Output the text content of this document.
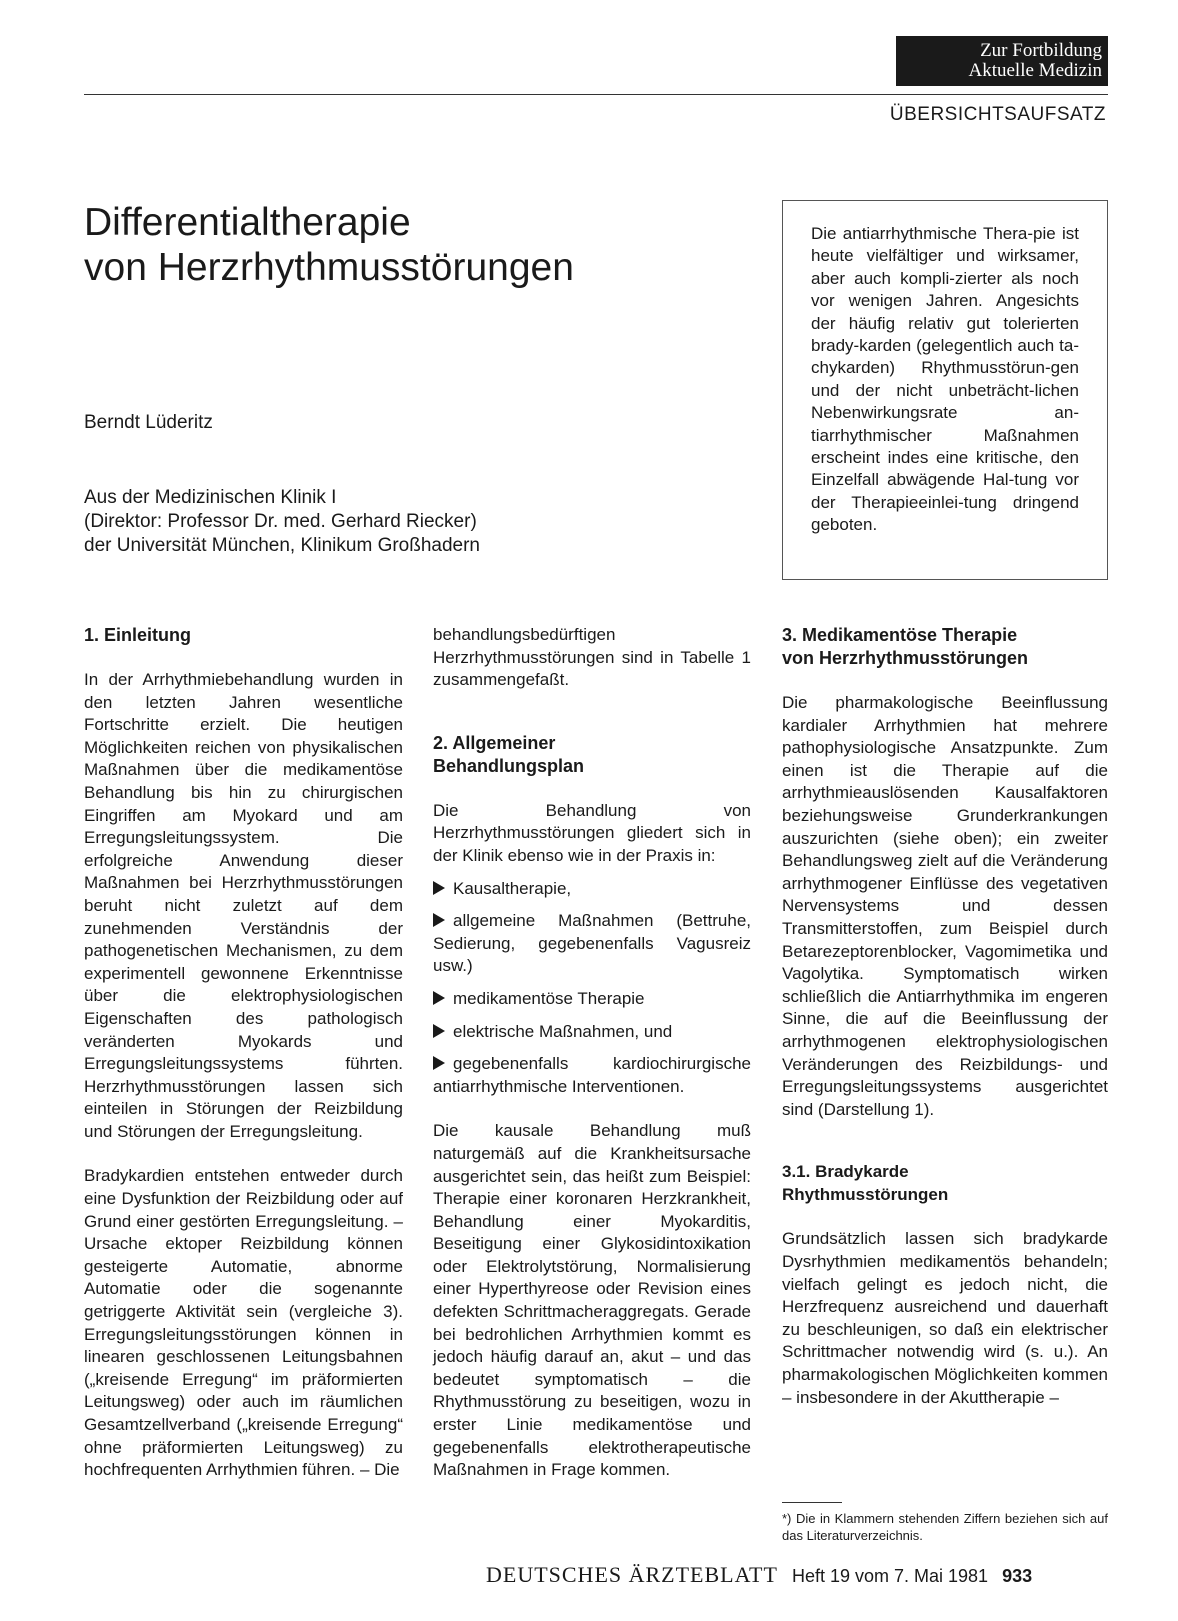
Zur Fortbildung
Aktuelle Medizin
ÜBERSICHTSAUFSATZ
Differentialtherapie
von Herzrhythmusstörungen
Berndt Lüderitz
Aus der Medizinischen Klinik I
(Direktor: Professor Dr. med. Gerhard Riecker)
der Universität München, Klinikum Großhadern
Die antiarrhythmische Thera-pie ist heute vielfältiger und wirksamer, aber auch kompli-zierter als noch vor wenigen Jahren. Angesichts der häufig relativ gut tolerierten brady-karden (gelegentlich auch ta-chykarden) Rhythmusstörun-gen und der nicht unbeträcht-lichen Nebenwirkungsrate an-tiarrhythmischer Maßnahmen erscheint indes eine kritische, den Einzelfall abwägende Hal-tung vor der Therapieeinlei-tung dringend geboten.
1. Einleitung

In der Arrhythmiebehandlung wurden in den letzten Jahren wesentliche Fortschritte erzielt. Die heutigen Möglichkeiten reichen von physikalischen Maßnahmen über die medikamentöse Behandlung bis hin zu chirurgischen Eingriffen am Myokard und am Erregungsleitungssystem. Die erfolgreiche Anwendung dieser Maßnahmen bei Herzrhythmusstörungen beruht nicht zuletzt auf dem zunehmenden Verständnis der pathogenetischen Mechanismen, zu dem experimentell gewonnene Erkenntnisse über die elektrophysiologischen Eigenschaften des pathologisch veränderten Myokards und Erregungsleitungssystems führten. Herzrhythmusstörungen lassen sich einteilen in Störungen der Reizbildung und Störungen der Erregungsleitung.

Bradykardien entstehen entweder durch eine Dysfunktion der Reizbildung oder auf Grund einer gestörten Erregungsleitung. – Ursache ektoper Reizbildung können gesteigerte Automatie, abnorme Automatie oder die sogenannte getriggerte Aktivität sein (vergleiche 3). Erregungsleitungsstörungen können in linearen geschlossenen Leitungsbahnen („kreisende Erregung“ im präformierten Leitungsweg) oder auch im räumlichen Gesamtzellverband („kreisende Erregung“ ohne präformierten Leitungsweg) zu hochfrequenten Arrhythmien führen. – Die

behandlungsbedürftigen Herzrhythmusstörungen sind in Tabelle 1 zusammengefaßt.

2. Allgemeiner
Behandlungsplan

Die Behandlung von Herzrhythmusstörungen gliedert sich in der Klinik ebenso wie in der Praxis in:

Kausaltherapie,
allgemeine Maßnahmen (Bettruhe, Sedierung, gegebenenfalls Vagusreiz usw.)
medikamentöse Therapie
elektrische Maßnahmen, und
gegebenenfalls kardiochirurgische antiarrhythmische Interventionen.

Die kausale Behandlung muß naturgemäß auf die Krankheitsursache ausgerichtet sein, das heißt zum Beispiel: Therapie einer koronaren Herzkrankheit, Behandlung einer Myokarditis, Beseitigung einer Glykosidintoxikation oder Elektrolytstörung, Normalisierung einer Hyperthyreose oder Revision eines defekten Schrittmacheraggregats. Gerade bei bedrohlichen Arrhythmien kommt es jedoch häufig darauf an, akut – und das bedeutet symptomatisch – die Rhythmusstörung zu beseitigen, wozu in erster Linie medikamentöse und gegebenenfalls elektrotherapeutische Maßnahmen in Frage kommen.

3. Medikamentöse Therapie
von Herzrhythmusstörungen

Die pharmakologische Beeinflussung kardialer Arrhythmien hat mehrere pathophysiologische Ansatzpunkte. Zum einen ist die Therapie auf die arrhythmieauslösenden Kausalfaktoren beziehungsweise Grunderkrankungen auszurichten (siehe oben); ein zweiter Behandlungsweg zielt auf die Veränderung arrhythmogener Einflüsse des vegetativen Nervensystems und dessen Transmitterstoffen, zum Beispiel durch Betarezeptorenblocker, Vagomimetika und Vagolytika. Symptomatisch wirken schließlich die Antiarrhythmika im engeren Sinne, die auf die Beeinflussung der arrhythmogenen elektrophysiologischen Veränderungen des Reizbildungs- und Erregungsleitungssystems ausgerichtet sind (Darstellung 1).

3.1. Bradykarde
Rhythmusstörungen

Grundsätzlich lassen sich bradykarde Dysrhythmien medikamentös behandeln; vielfach gelingt es jedoch nicht, die Herzfrequenz ausreichend und dauerhaft zu beschleunigen, so daß ein elektrischer Schrittmacher notwendig wird (s. u.). An pharmakologischen Möglichkeiten kommen – insbesondere in der Akuttherapie –

*) Die in Klammern stehenden Ziffern beziehen sich auf das Literaturverzeichnis.
DEUTSCHES ÄRZTEBLATT Heft 19 vom 7. Mai 1981 933
